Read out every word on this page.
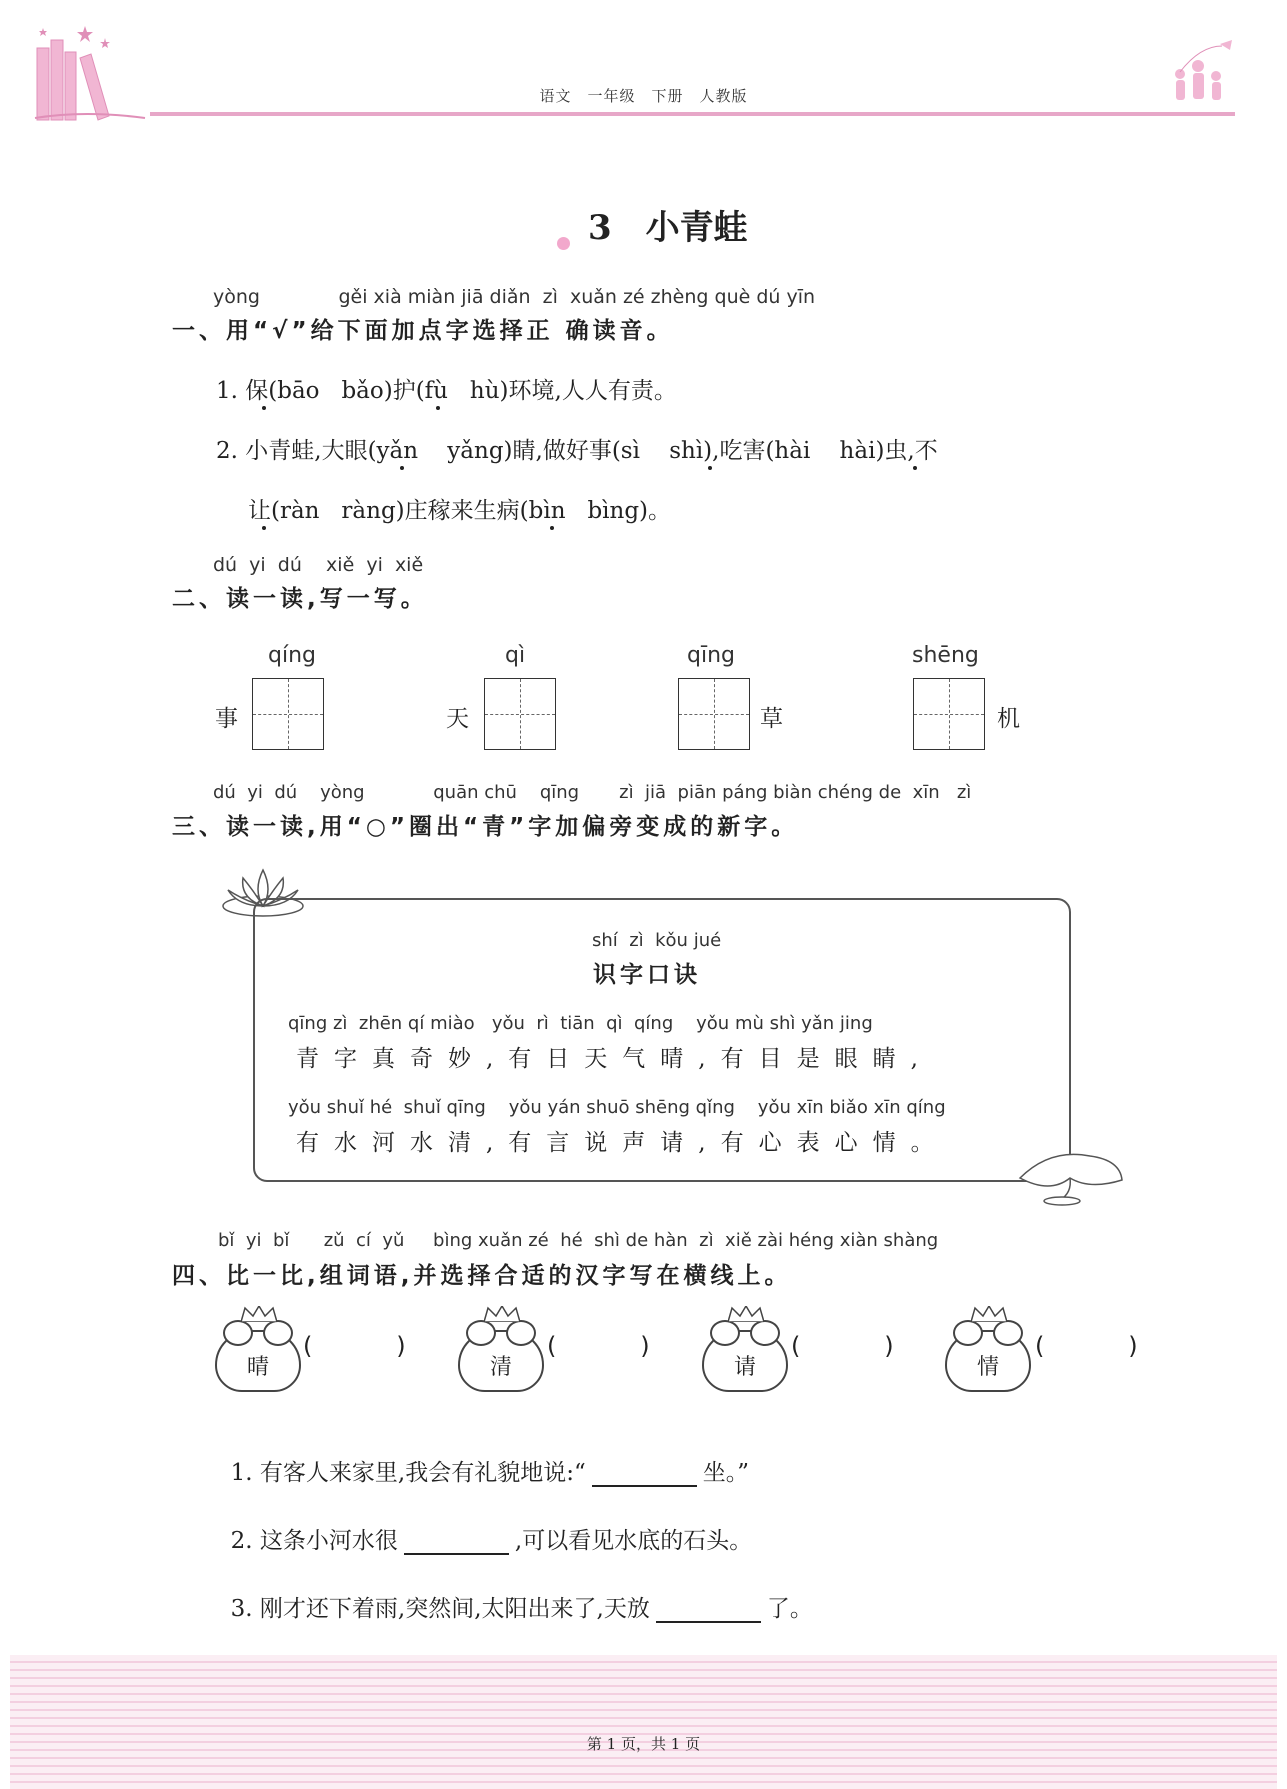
语文　一年级　下册　人教版
3　小青蛙
yòng             gěi xià miàn jiā diǎn  zì  xuǎn zé zhèng què dú yīn
一、用“√”给下面加点字选择正 确读音。
1. 保(bāo   bǎo)护(fù   hù)环境,人人有责。
2. 小青蛙,大眼(yǎn    yǎng)睛,做好事(sì    shì),吃害(hài    hài)虫,不
让(ràn   ràng)庄稼来生病(bìn   bìng)。
dú  yi  dú    xiě  yi  xiě
二、读一读,写一写。
qíng
事
qì
天
qīng
草
shēng
机
dú  yi  dú    yòng            quān chū    qīng       zì  jiā  piān páng biàn chéng de  xīn   zì
三、读一读,用“○”圈出“青”字加偏旁变成的新字。
shí  zì  kǒu jué
识字口诀
qīng zì  zhēn qí miào   yǒu  rì  tiān  qì  qíng    yǒu mù shì yǎn jing
青字真奇妙,有日天气晴,有目是眼睛,
yǒu shuǐ hé  shuǐ qīng    yǒu yán shuō shēng qǐng    yǒu xīn biǎo xīn qíng
有水河水清,有言说声请,有心表心情。
bǐ  yi  bǐ      zǔ  cí  yǔ     bìng xuǎn zé  hé  shì de hàn  zì  xiě zài héng xiàn shàng
四、比一比,组词语,并选择合适的汉字写在横线上。
晴
(           )
清
(           )
请
(           )
情
(           )

1. 有客人来家里,我会有礼貌地说:“	坐。”

2. 这条小河水很	,可以看见水底的石头。

3. 刚才还下着雨,突然间,太阳出来了,天放	了。

第 1 页，共 1 页
